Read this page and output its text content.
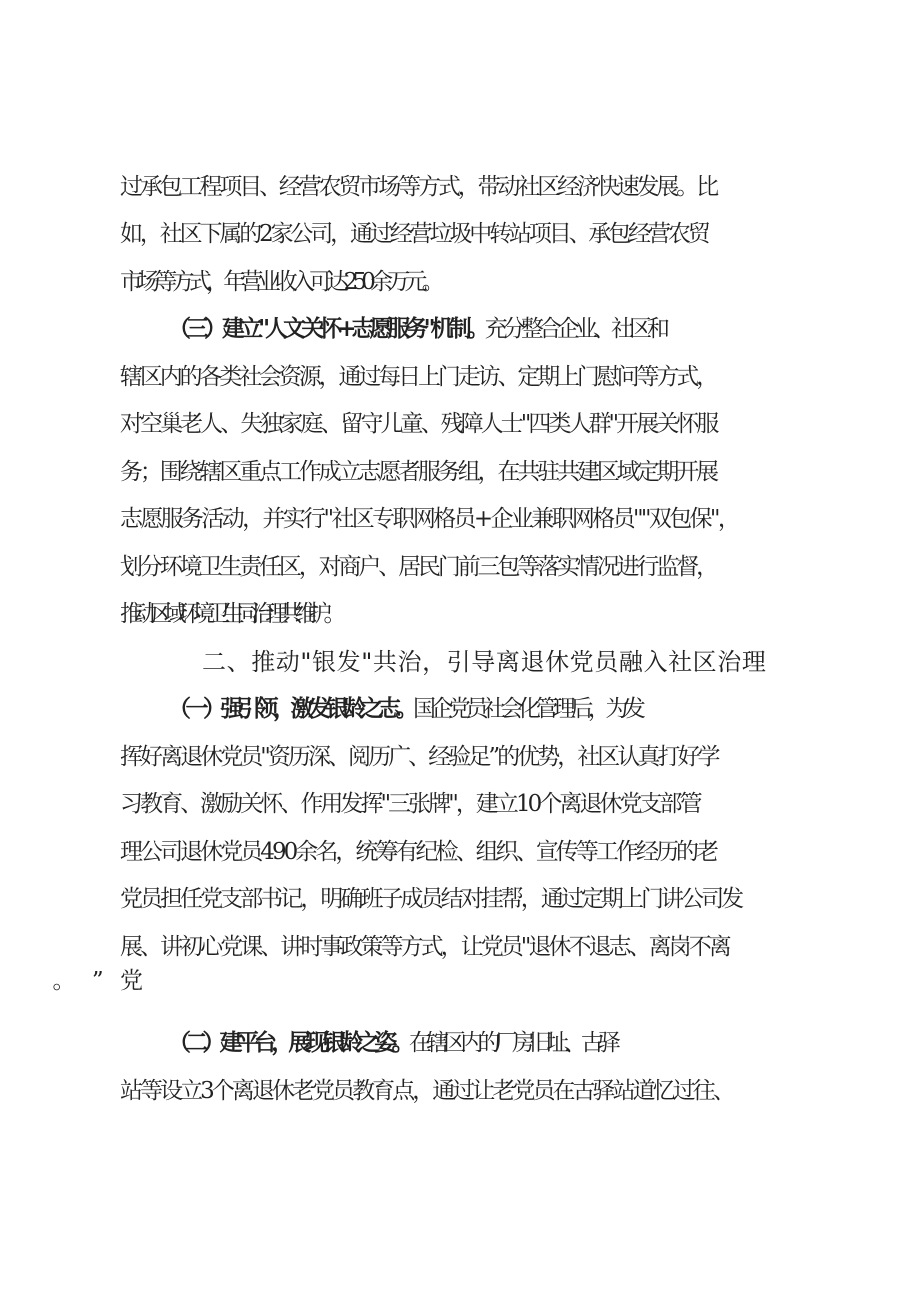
过承包工程项目、经营农贸市场等方式，带动社区经济快速发展。比
如，社区下属的2家公司，通过经营垃圾中转站项目、承包经营农贸
市场等方式，年营业收入可达250余万元。
（三）建立"人文关怀+志愿服务"机制。充分整合企业、社区和
辖区内的各类社会资源，通过每日上门走访、定期上门慰问等方式，
对空巢老人、失独家庭、留守儿童、残障人士"四类人群"开展关怀服
务；围绕辖区重点工作成立志愿者服务组，在共驻共建区域定期开展
志愿服务活动，并实行"社区专职网格员+企业兼职网格员""双包保"，
划分环境卫生责任区，对商户、居民门前三包等落实情况进行监督，
推动区域环境卫生同治理共维护。
二、推动"银发"共治，引导离退休党员融入社区治理
（一）强引领，激发银龄之志。国企党员社会化管理后，为发
挥好离退休党员"资历深、阅历广、经验足”的优势，社区认真打好学
习教育、激励关怀、作用发挥"三张牌"，建立10个离退休党支部管
理公司退休党员490余名，统筹有纪检、组织、宣传等工作经历的老
党员担任党支部书记，明确班子成员结对挂帮，通过定期上门讲公司发
展、讲初心党课、讲时事政策等方式，让党员"退休不退志、离岗不离
（二）建平台，展现银龄之姿。在辖区内的厂房旧址、古驿
站等设立3个离退休老党员教育点，通过让老党员在古驿站道忆过往、
